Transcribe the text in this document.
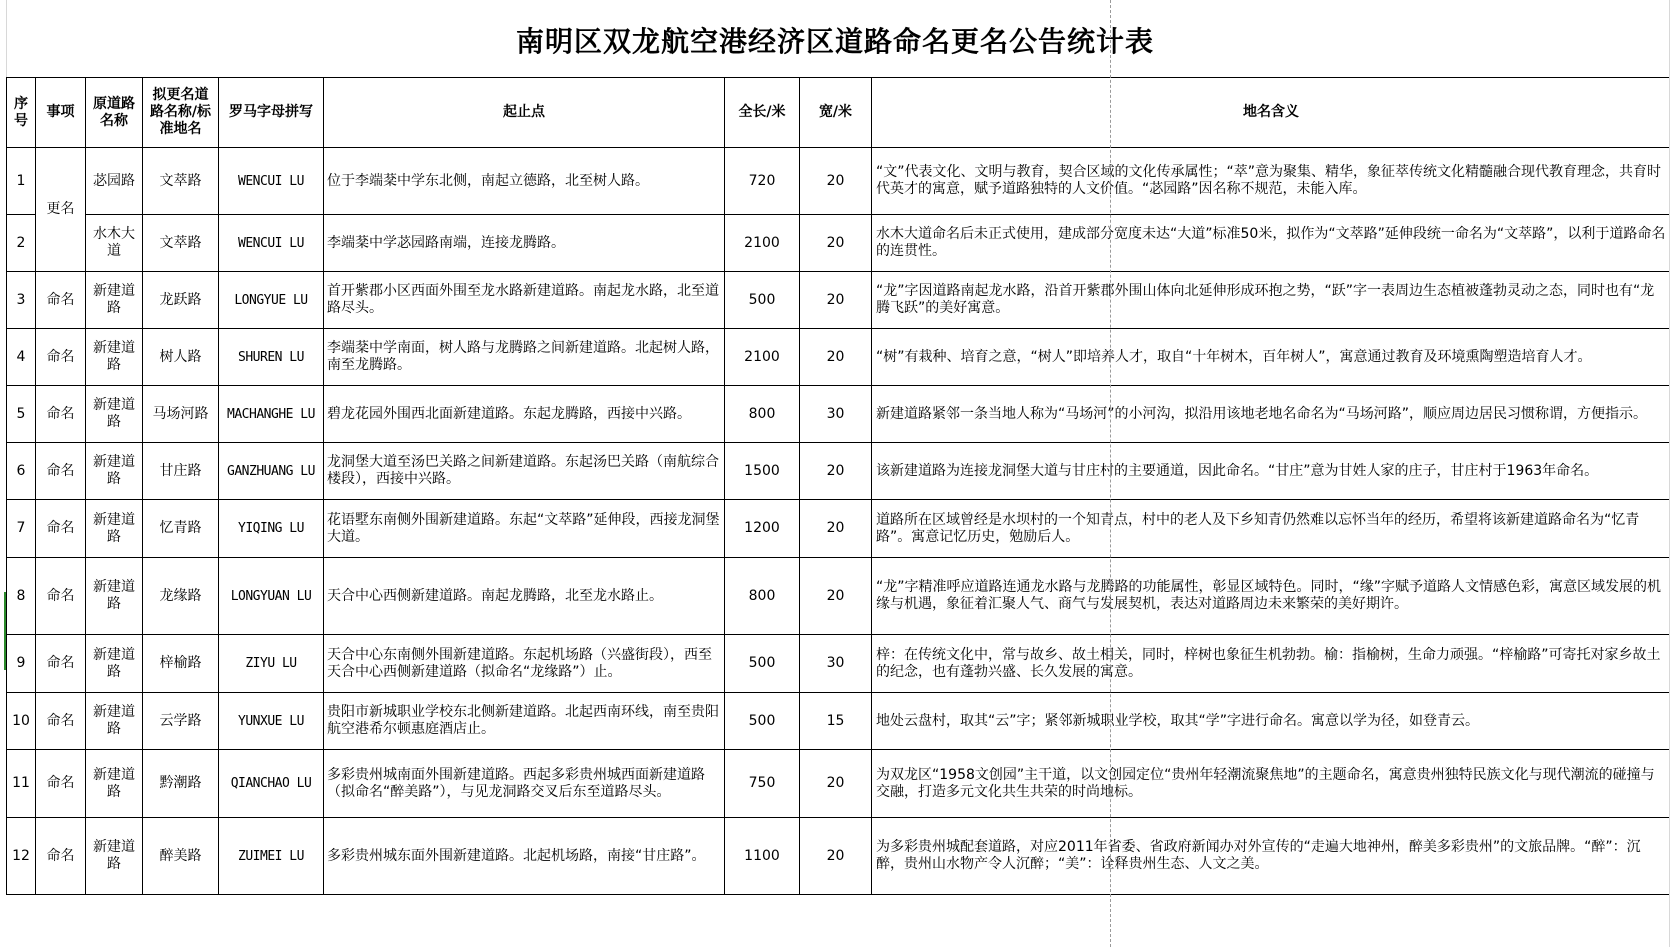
南明区双龙航空港经济区道路命名更名公告统计表
序号	事项	原道路名称	拟更名道路名称/标准地名	罗马字母拼写	起止点	全长/米	宽/米	地名含义
1	更名	苾园路	文萃路	WENCUI LU	位于李端棻中学东北侧，南起立德路，北至树人路。	720	20	“文”代表文化、文明与教育，契合区域的文化传承属性；“萃”意为聚集、精华，象征萃传统文化精髓融合现代教育理念，共育时代英才的寓意，赋予道路独特的人文价值。“苾园路”因名称不规范，未能入库。
2		水木大道	文萃路	WENCUI LU	李端棻中学苾园路南端，连接龙腾路。	2100	20	水木大道命名后未正式使用，建成部分宽度未达“大道”标准50米，拟作为“文萃路”延伸段统一命名为“文萃路”，以利于道路命名的连贯性。
3	命名	新建道路	龙跃路	LONGYUE LU	首开紫郡小区西面外围至龙水路新建道路。南起龙水路，北至道路尽头。	500	20	“龙”字因道路南起龙水路，沿首开紫郡外围山体向北延伸形成环抱之势，“跃”字一表周边生态植被蓬勃灵动之态，同时也有“龙腾飞跃”的美好寓意。
4	命名	新建道路	树人路	SHUREN LU	李端棻中学南面，树人路与龙腾路之间新建道路。北起树人路，南至龙腾路。	2100	20	“树”有栽种、培育之意，“树人”即培养人才，取自“十年树木，百年树人”，寓意通过教育及环境熏陶塑造培育人才。
5	命名	新建道路	马场河路	MACHANGHE LU	碧龙花园外围西北面新建道路。东起龙腾路，西接中兴路。	800	30	新建道路紧邻一条当地人称为“马场河”的小河沟，拟沿用该地老地名命名为“马场河路”，顺应周边居民习惯称谓，方便指示。
6	命名	新建道路	甘庄路	GANZHUANG LU	龙洞堡大道至汤巴关路之间新建道路。东起汤巴关路（南航综合楼段），西接中兴路。	1500	20	该新建道路为连接龙洞堡大道与甘庄村的主要通道，因此命名。“甘庄”意为甘姓人家的庄子，甘庄村于1963年命名。
7	命名	新建道路	忆青路	YIQING LU	花语墅东南侧外围新建道路。东起“文萃路”延伸段，西接龙洞堡大道。	1200	20	道路所在区域曾经是水坝村的一个知青点，村中的老人及下乡知青仍然难以忘怀当年的经历，希望将该新建道路命名为“忆青路”。寓意记忆历史，勉励后人。
8	命名	新建道路	龙缘路	LONGYUAN LU	天合中心西侧新建道路。南起龙腾路，北至龙水路止。	800	20	“龙”字精准呼应道路连通龙水路与龙腾路的功能属性，彰显区域特色。同时，“缘”字赋予道路人文情感色彩，寓意区域发展的机缘与机遇，象征着汇聚人气、商气与发展契机，表达对道路周边未来繁荣的美好期许。
9	命名	新建道路	梓榆路	ZIYU LU	天合中心东南侧外围新建道路。东起机场路（兴盛街段），西至天合中心西侧新建道路（拟命名“龙缘路”）止。	500	30	梓：在传统文化中，常与故乡、故土相关，同时，梓树也象征生机勃勃。榆：指榆树，生命力顽强。“梓榆路”可寄托对家乡故土的纪念，也有蓬勃兴盛、长久发展的寓意。
10	命名	新建道路	云学路	YUNXUE LU	贵阳市新城职业学校东北侧新建道路。北起西南环线，南至贵阳航空港希尔顿惠庭酒店止。	500	15	地处云盘村，取其“云”字；紧邻新城职业学校，取其“学”字进行命名。寓意以学为径，如登青云。
11	命名	新建道路	黔潮路	QIANCHAO LU	多彩贵州城南面外围新建道路。西起多彩贵州城西面新建道路（拟命名“醉美路”），与见龙洞路交叉后东至道路尽头。	750	20	为双龙区“1958文创园”主干道，以文创园定位“贵州年轻潮流聚焦地”的主题命名，寓意贵州独特民族文化与现代潮流的碰撞与交融，打造多元文化共生共荣的时尚地标。
12	命名	新建道路	醉美路	ZUIMEI LU	多彩贵州城东面外围新建道路。北起机场路，南接“甘庄路”。	1100	20	为多彩贵州城配套道路，对应2011年省委、省政府新闻办对外宣传的“走遍大地神州，醉美多彩贵州”的文旅品牌。“醉”：沉醉，贵州山水物产令人沉醉；“美”：诠释贵州生态、人文之美。
